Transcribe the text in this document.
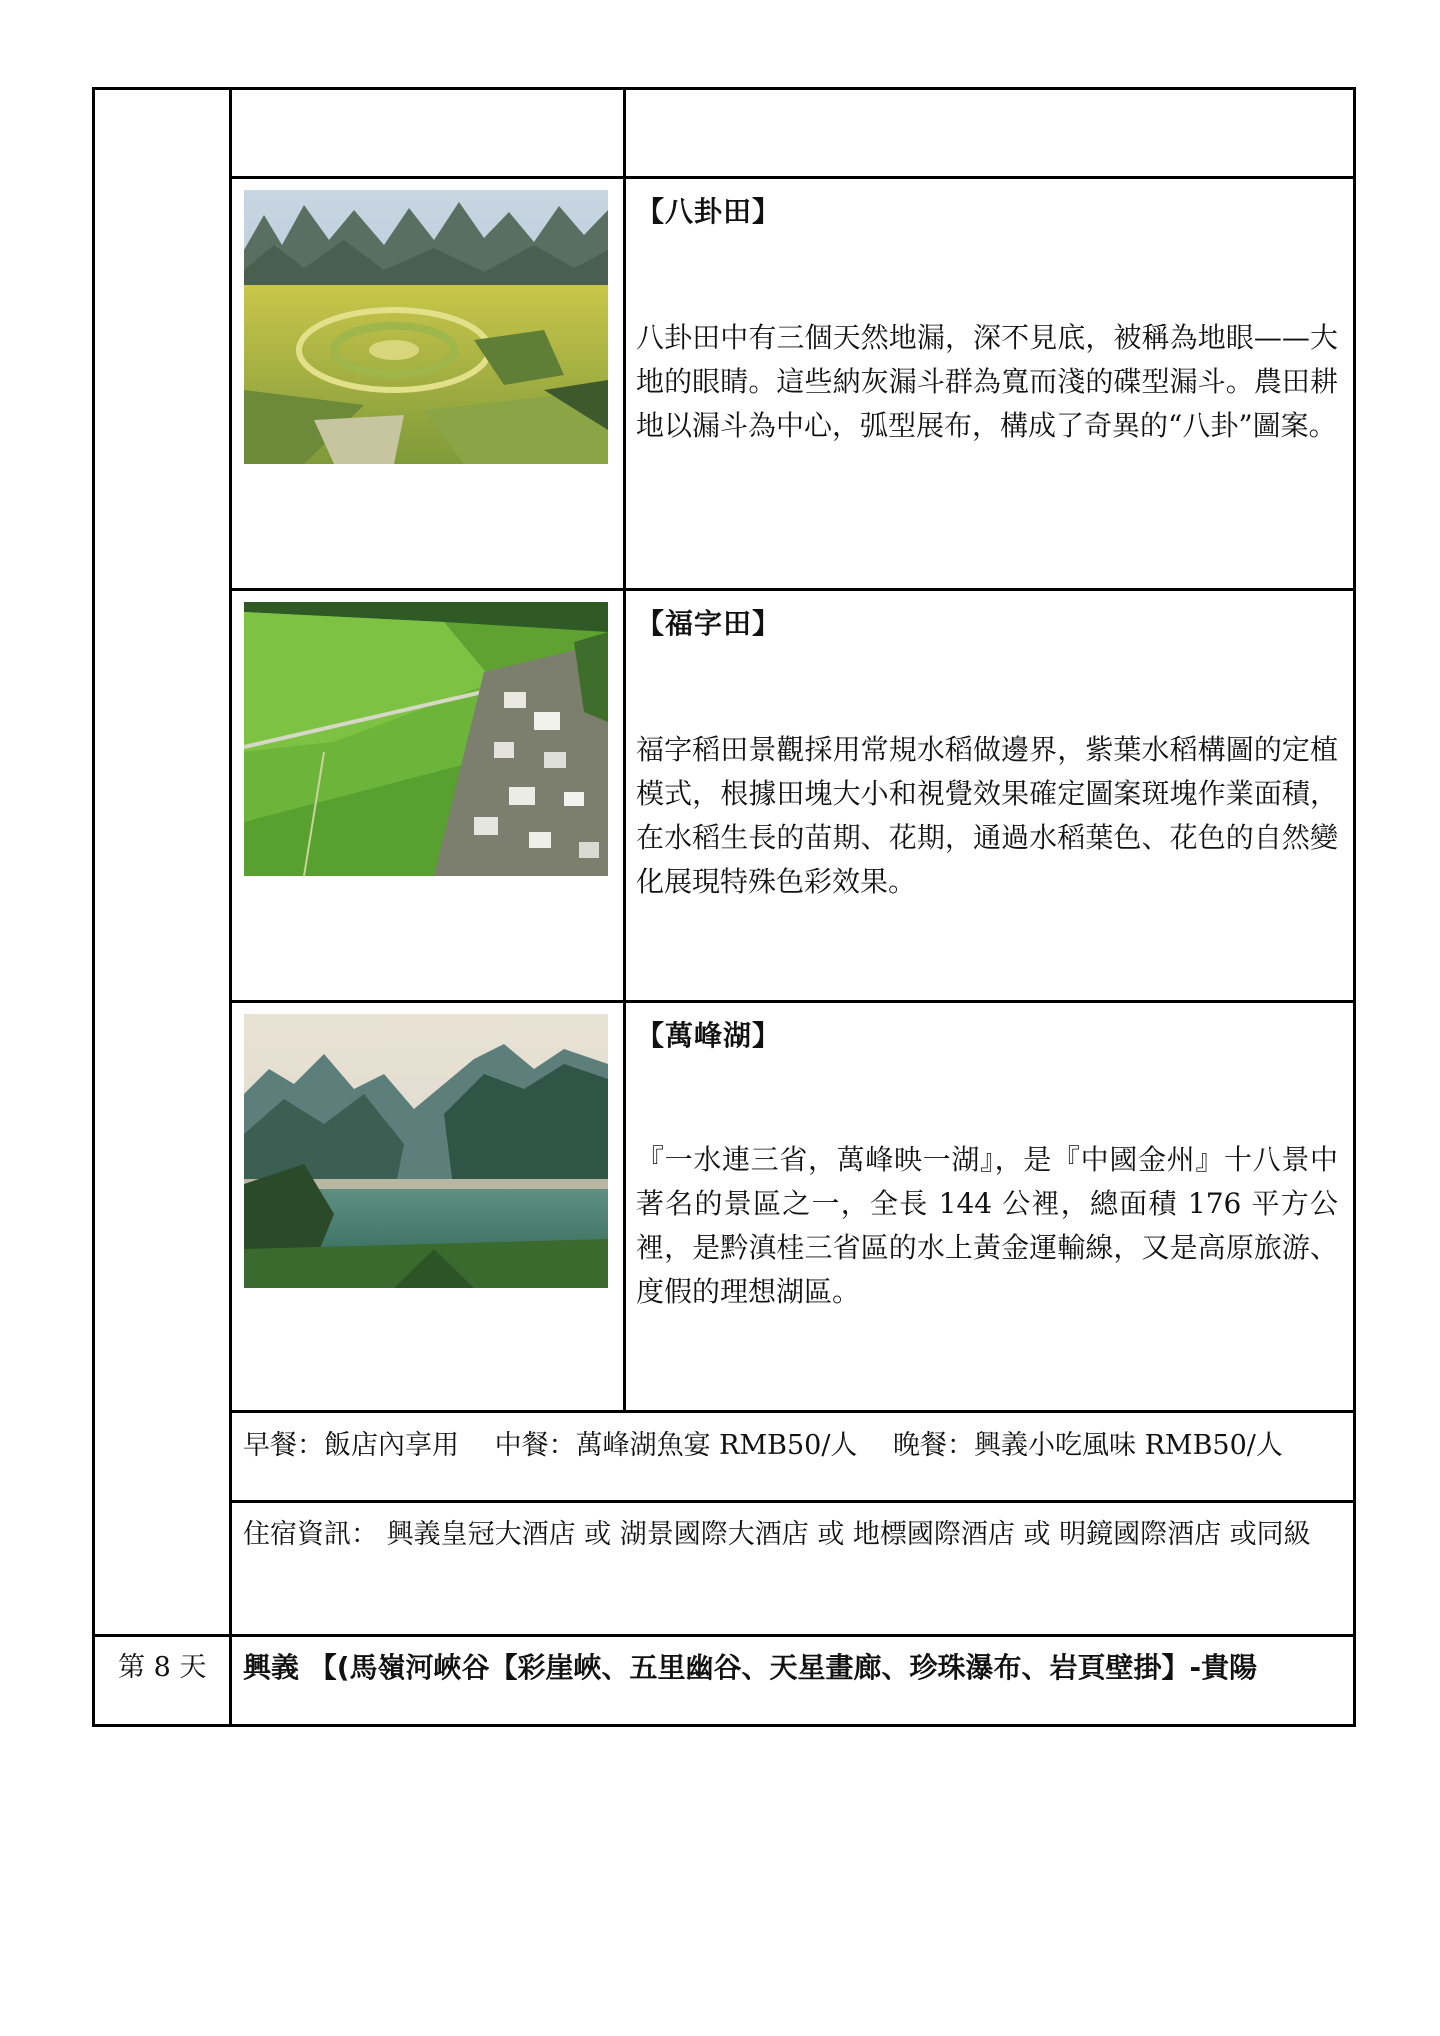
【八卦田】

八卦田中有三個天然地漏，深不見底，被稱為地眼——大地的眼睛。這些納灰漏斗群為寬而淺的碟型漏斗。農田耕地以漏斗為中心，弧型展布，構成了奇異的“八卦”圖案。

【福字田】

福字稻田景觀採用常規水稻做邊界，紫葉水稻構圖的定植模式，根據田塊大小和視覺效果確定圖案斑塊作業面積，在水稻生長的苗期、花期，通過水稻葉色、花色的自然變化展現特殊色彩效果。

【萬峰湖】

『一水連三省，萬峰映一湖』，是『中國金州』十八景中著名的景區之一，全長 144 公裡，總面積 176 平方公裡，是黔滇桂三省區的水上黃金運輸線，又是高原旅游、度假的理想湖區。

早餐：飯店內享用　 中餐：萬峰湖魚宴 RMB50/人　 晚餐：興義小吃風味 RMB50/人

住宿資訊： 興義皇冠大酒店 或 湖景國際大酒店 或 地標國際酒店 或 明鏡國際酒店 或同級

第 8 天 興義 【(馬嶺河峽谷【彩崖峽、五里幽谷、天星畫廊、珍珠瀑布、岩頁壁掛】-貴陽
